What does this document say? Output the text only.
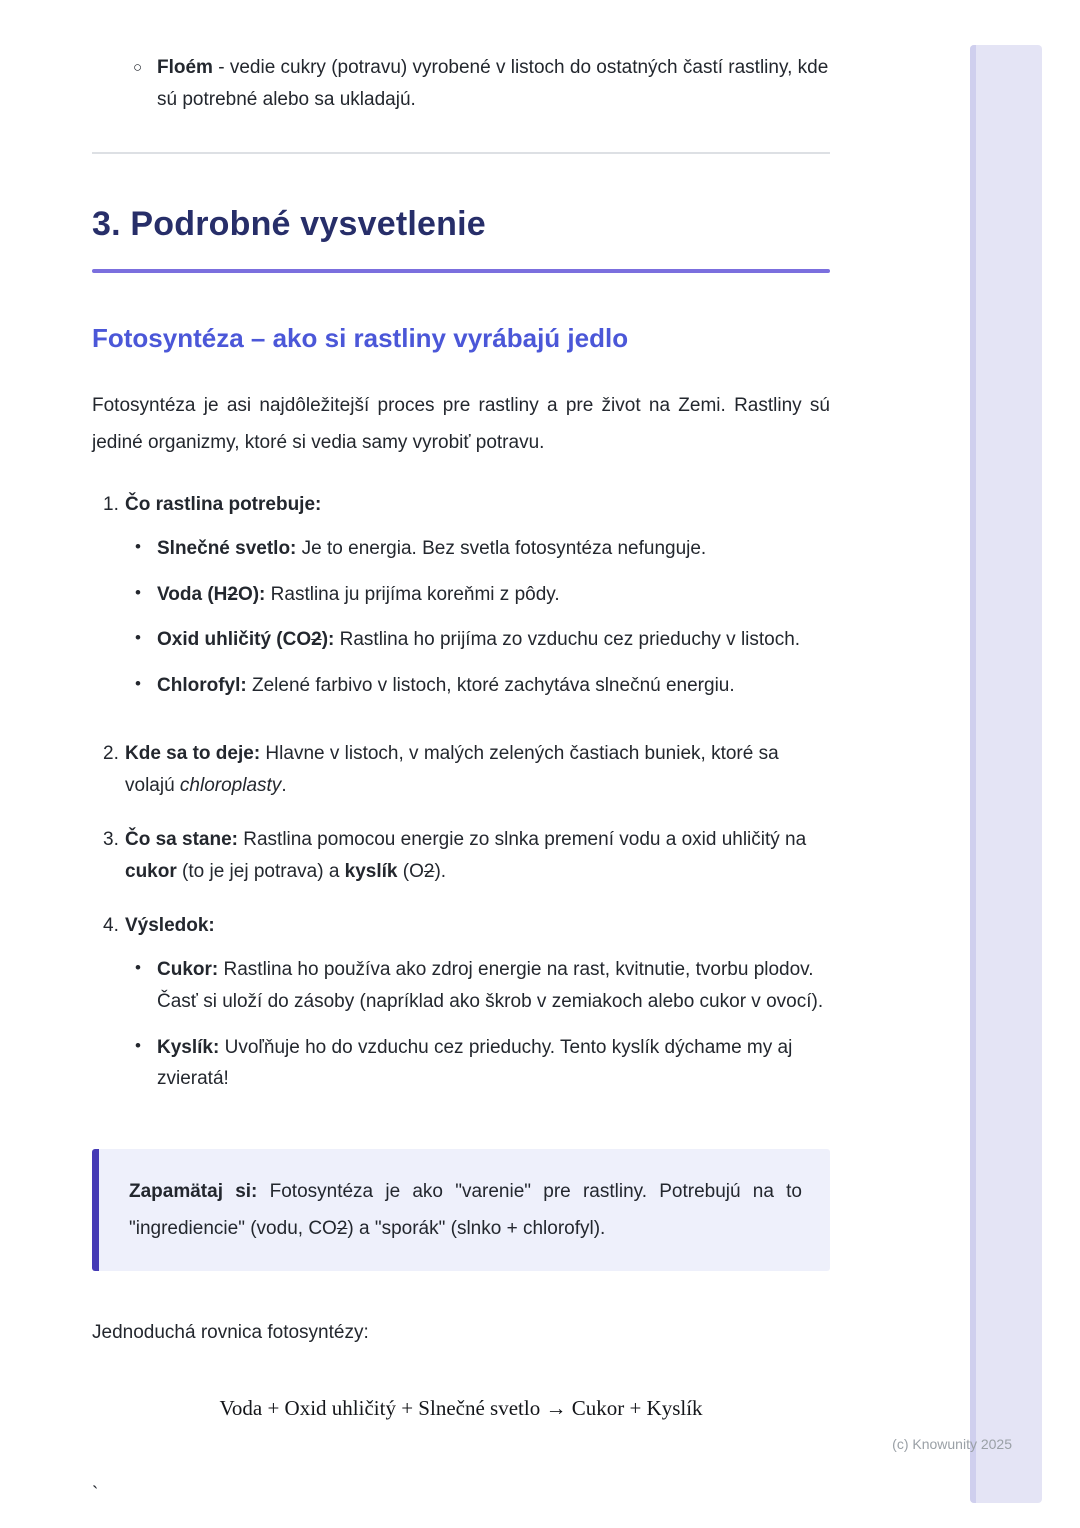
○ Floém - vedie cukry (potravu) vyrobené v listoch do ostatných častí rastliny, kde sú potrebné alebo sa ukladajú.

3. Podrobné vysvetlenie
Fotosyntéza – ako si rastliny vyrábajú jedlo

Fotosyntéza je asi najdôležitejší proces pre rastliny a pre život na Zemi. Rastliny sú jediné organizmy, ktoré si vedia samy vyrobiť potravu.

1. Čo rastlina potrebuje:

• Slnečné svetlo: Je to energia. Bez svetla fotosyntéza nefunguje.

• Voda (H2O): Rastlina ju prijíma koreňmi z pôdy.

• Oxid uhličitý (CO2): Rastlina ho prijíma zo vzduchu cez prieduchy v listoch.

• Chlorofyl: Zelené farbivo v listoch, ktoré zachytáva slnečnú energiu.

2. Kde sa to deje: Hlavne v listoch, v malých zelených častiach buniek, ktoré sa volajú chloroplasty.

3. Čo sa stane: Rastlina pomocou energie zo slnka premení vodu a oxid uhličitý na cukor (to je jej potrava) a kyslík (O2).

4. Výsledok:

• Cukor: Rastlina ho používa ako zdroj energie na rast, kvitnutie, tvorbu plodov. Časť si uloží do zásoby (napríklad ako škrob v zemiakoch alebo cukor v ovocí).

• Kyslík: Uvoľňuje ho do vzduchu cez prieduchy. Tento kyslík dýchame my aj zvieratá!

Zapamätaj si: Fotosyntéza je ako "varenie" pre rastliny. Potrebujú na to "ingrediencie" (vodu, CO2) a "sporák" (slnko + chlorofyl).

Jednoduchá rovnica fotosyntézy:

Voda + Oxid uhličitý + Slnečné svetlo → Cukor + Kyslík

`

(c) Knowunity 2025
